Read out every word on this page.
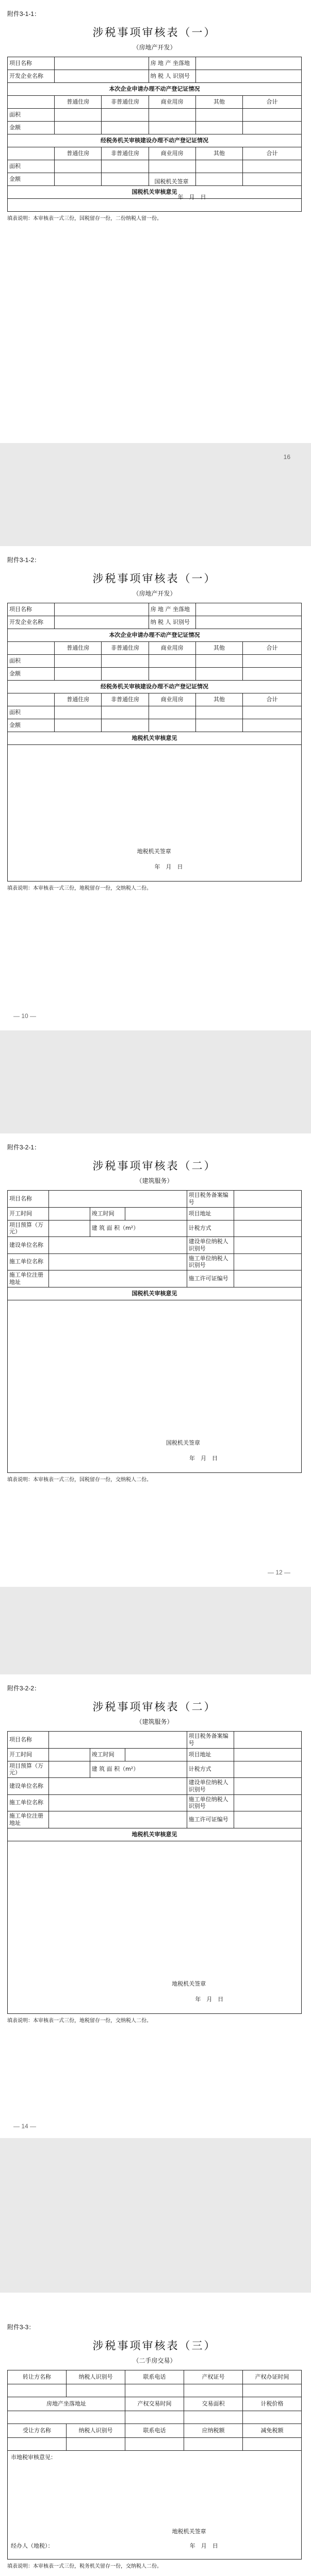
附件3-1-1：
涉税事项审核表（一）
（房地产开发）
项目名称			房 地 产 坐落地		
开发企业名称			纳 税 人 识别号		
本次企业申请办理不动产登记证情况					
	普通住房	非普通住房	商业用房	其他	合计
面积					
金额					
经税务机关审核建设办理不动产登记证情况					
	普通住房	非普通住房	商业用房	其他	合计
面积					
金额					
国税机关审核意见					

国税机关签章
年　月　日					
填表说明：本审核表一式三份，国税留存一份，二份纳税人留一份。
16
附件3-1-2：
涉税事项审核表（一）
（房地产开发）
项目名称			房 地 产 坐落地		
开发企业名称			纳 税 人 识别号		
本次企业申请办理不动产登记证情况					
	普通住房	非普通住房	商业用房	其他	合计
面积					
金额					
经税务机关审核建设办理不动产登记证情况					
	普通住房	非普通住房	商业用房	其他	合计
面积					
金额					
地税机关审核意见					

地税机关签章
年　月　日					
填表说明：本审核表一式三份，地税留存一份，交纳税人二份。
— 10 —
附件3-2-1：
涉税事项审核表（二）
（建筑服务）
项目名称				项目税务备案编号	
开工时间		竣工时间		项目地址	
项目预算（万元）		建 筑 面 积（m²）		计税方式	
建设单位名称				建设单位纳税人识别号	
施工单位名称				施工单位纳税人识别号	
施工单位注册地址				施工许可证编号	
国税机关审核意见					

国税机关签章
年　月　日					
填表说明：本审核表一式三份，国税留存一份，交纳税人二份。
— 12 —
附件3-2-2：
涉税事项审核表（二）
（建筑服务）
项目名称				项目税务备案编号	
开工时间		竣工时间		项目地址	
项目预算（万元）		建 筑 面 积（m²）		计税方式	
建设单位名称				建设单位纳税人识别号	
施工单位名称				施工单位纳税人识别号	
施工单位注册地址				施工许可证编号	
地税机关审核意见					

地税机关签章
年　月　日					
填表说明：本审核表一式三份，地税留存一份，交纳税人二份。
— 14 —
附件3-3：
涉税事项审核表（三）
（二手房交易）
转让方名称	纳税人识别号	联系电话	产权证号	产权办证时间

房地产坐落地址		产权交易时间	交易面积	计税价格

受让方名称	纳税人识别号	联系电话	应纳税额	减免税额

市地税审核意见：
地税机关签章
经办人（地税）： 年　月　日				
填表说明：本审核表一式三份，税务机关留存一份，交纳税人二份。
